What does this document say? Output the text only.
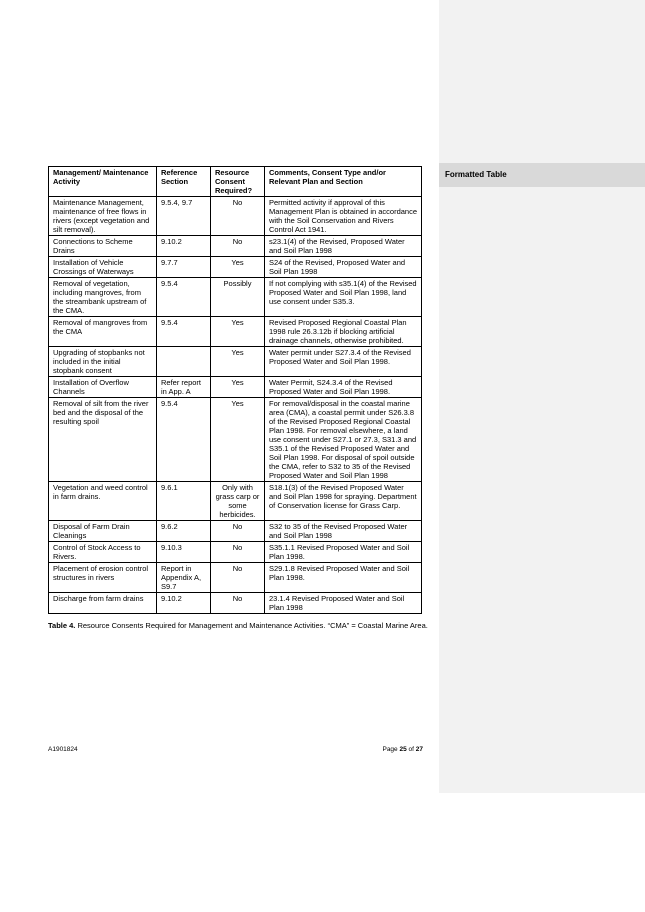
Formatted Table
Management/ Maintenance Activity	Reference Section	Resource Consent Required?	Comments, Consent Type and/or Relevant Plan and Section
Maintenance Management, maintenance of free flows in rivers (except vegetation and silt removal).	9.5.4, 9.7	No	Permitted activity if approval of this Management Plan is obtained in accordance with the Soil Conservation and Rivers Control Act 1941.
Connections to Scheme Drains	9.10.2	No	s23.1(4) of the Revised, Proposed Water and Soil Plan 1998
Installation of Vehicle Crossings of Waterways	9.7.7	Yes	S24 of the Revised, Proposed Water and Soil Plan 1998
Removal of vegetation, including mangroves, from the streambank upstream of the CMA.	9.5.4	Possibly	If not complying with s35.1(4) of the Revised Proposed Water and Soil Plan 1998, land use consent under S35.3.
Removal of mangroves from the CMA	9.5.4	Yes	Revised Proposed Regional Coastal Plan 1998 rule 26.3.12b if blocking artificial drainage channels, otherwise prohibited.
Upgrading of stopbanks not included in the initial stopbank consent		Yes	Water permit under S27.3.4 of the Revised Proposed Water and Soil Plan 1998.
Installation of Overflow Channels	Refer report in App. A	Yes	Water Permit, S24.3.4 of the Revised Proposed Water and Soil Plan 1998.
Removal of silt from the river bed and the disposal of the resulting spoil	9.5.4	Yes	For removal/disposal in the coastal marine area (CMA), a coastal permit under S26.3.8 of the Revised Proposed Regional Coastal Plan 1998. For removal elsewhere, a land use consent under S27.1 or 27.3, S31.3 and S35.1 of the Revised Proposed Water and Soil Plan 1998. For disposal of spoil outside the CMA, refer to S32 to 35 of the Revised Proposed Water and Soil Plan 1998
Vegetation and weed control in farm drains.	9.6.1	Only with grass carp or some herbicides.	S18.1(3) of the Revised Proposed Water and Soil Plan 1998 for spraying. Department of Conservation license for Grass Carp.
Disposal of Farm Drain Cleanings	9.6.2	No	S32 to 35 of the Revised Proposed Water and Soil Plan 1998
Control of Stock Access to Rivers.	9.10.3	No	S35.1.1 Revised Proposed Water and Soil Plan 1998.
Placement of erosion control structures in rivers	Report in Appendix A, S9.7	No	S29.1.8 Revised Proposed Water and Soil Plan 1998.
Discharge from farm drains	9.10.2	No	23.1.4 Revised Proposed Water and Soil Plan 1998
Table 4. Resource Consents Required for Management and Maintenance Activities. “CMA” = Coastal Marine Area.
A1901824	Page 25 of 27
